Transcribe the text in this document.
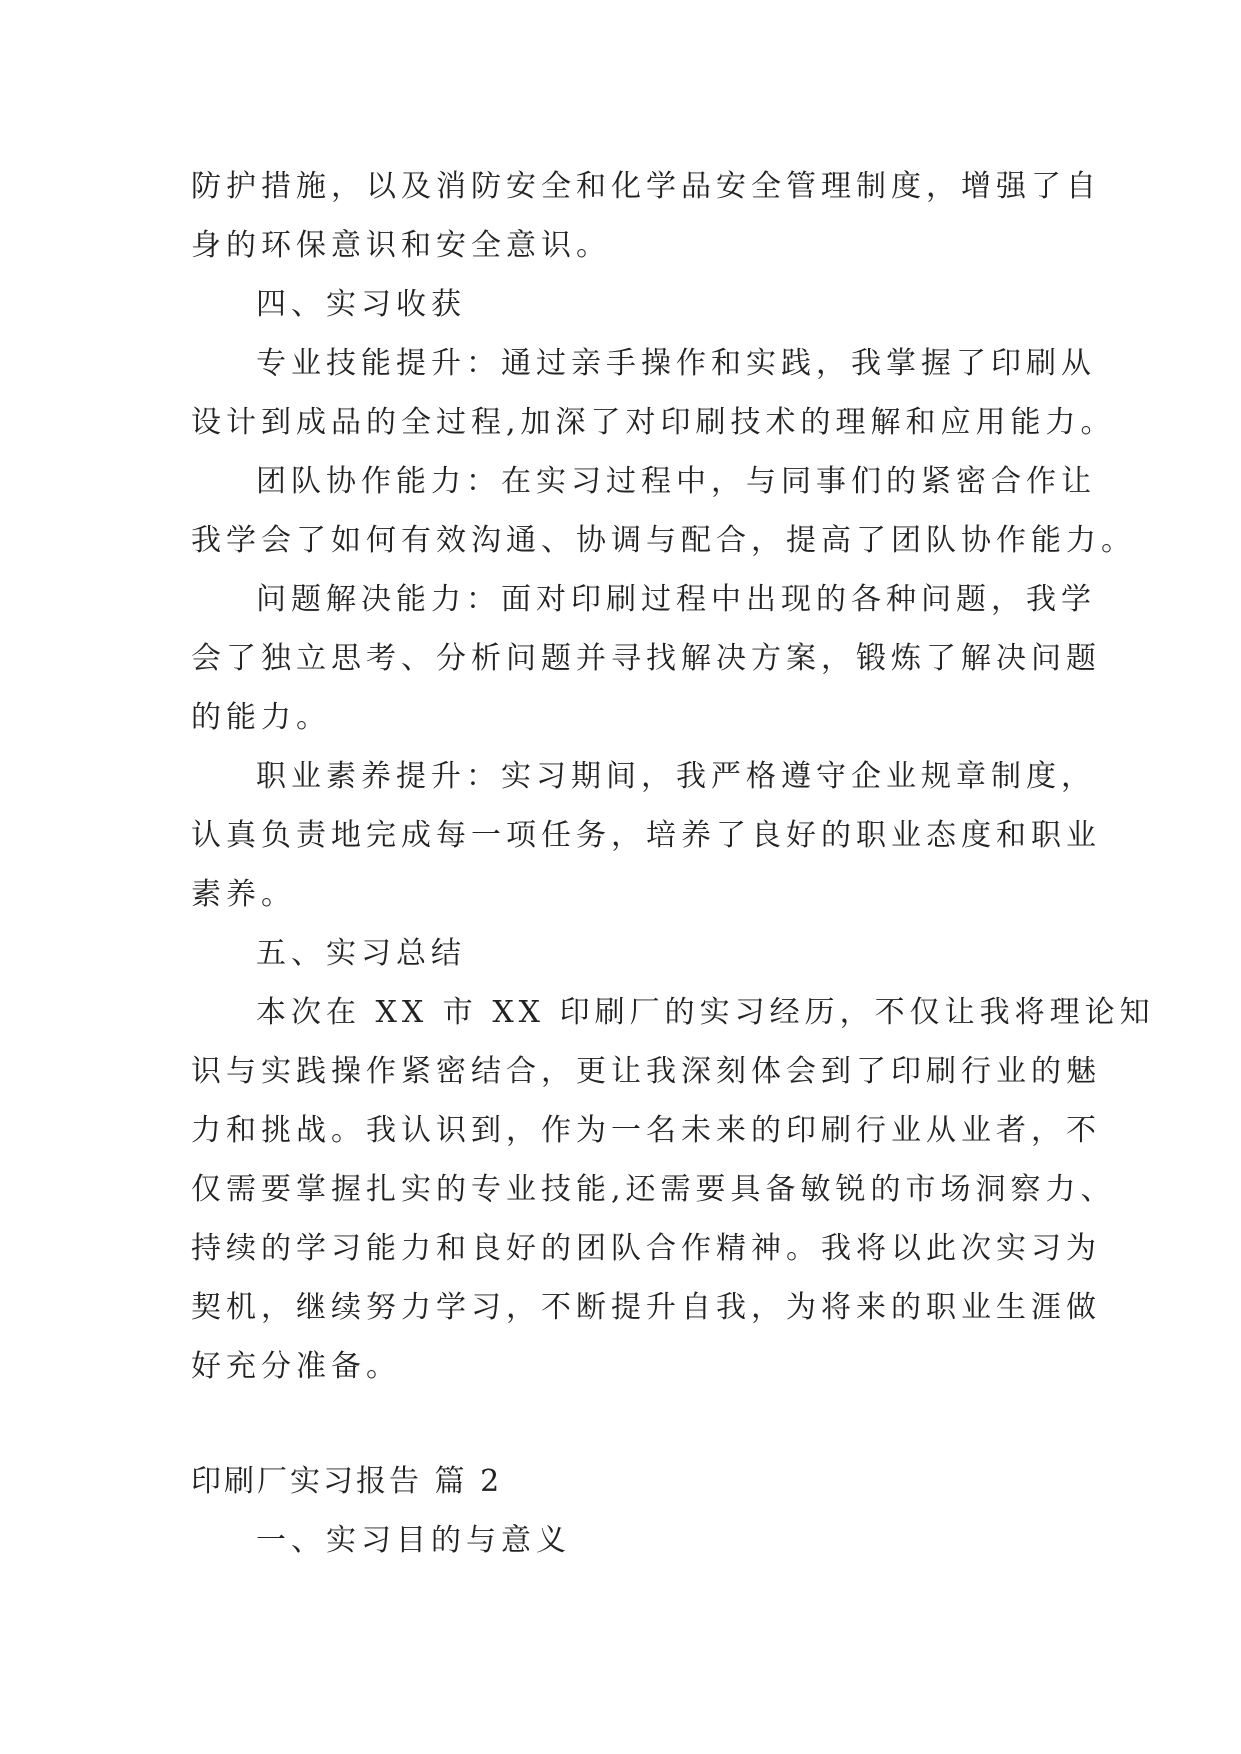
防护措施，以及消防安全和化学品安全管理制度，增强了自
身的环保意识和安全意识。
四、实习收获
专业技能提升：通过亲手操作和实践，我掌握了印刷从
设计到成品的全过程,加深了对印刷技术的理解和应用能力。
团队协作能力：在实习过程中，与同事们的紧密合作让
我学会了如何有效沟通、协调与配合，提高了团队协作能力。
问题解决能力：面对印刷过程中出现的各种问题，我学
会了独立思考、分析问题并寻找解决方案，锻炼了解决问题
的能力。
职业素养提升：实习期间，我严格遵守企业规章制度，
认真负责地完成每一项任务，培养了良好的职业态度和职业
素养。
五、实习总结
本次在 XX 市 XX 印刷厂的实习经历，不仅让我将理论知
识与实践操作紧密结合，更让我深刻体会到了印刷行业的魅
力和挑战。我认识到，作为一名未来的印刷行业从业者，不
仅需要掌握扎实的专业技能,还需要具备敏锐的市场洞察力、
持续的学习能力和良好的团队合作精神。我将以此次实习为
契机，继续努力学习，不断提升自我，为将来的职业生涯做
好充分准备。
印刷厂实习报告 篇 2
一、实习目的与意义
